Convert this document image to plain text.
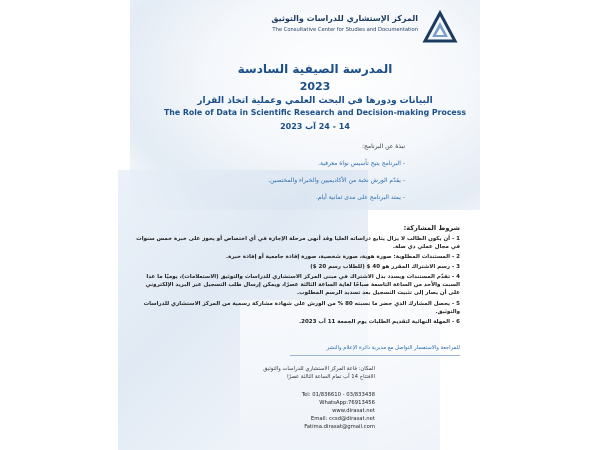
المركز الإستشاري للدراسات والتوثيق
The Consultative Center for Studies and Documentation
المدرسة الصيفية السادسة
2023
البيانات ودورها في البحث العلمي وعملية اتخاذ القرار
The Role of Data in Scientific Research and Decision-making Process
14 - 24 آب 2023
نبذة عن البرنامج:
- البرنامج يتيح تأسيس نواة معرفية.
- يقدّم الورش نخبة من الأكاديميين والخبراء والمختصين.
- يمتد البرنامج على مدى ثمانية أيام.
شروط المشاركة:
1 - أن يكون الطالب لا يزال يتابع دراساته العليا وقد أنهى مرحلة الإجازة في أي اختصاص أو يحوز على خبرة خمس سنوات في مجال عملي ذي صلة.
2 - المستندات المطلوبة: صورة هوية، صورة شخصية، صورة إفادة جامعية أو إفادة خبرة.
3 - رسم الاشتراك المقرر هو 40 $ (للطلاب رسم 20 $)
4 - تقدّم المستندات ويسدد بدل الاشتراك في مبنى المركز الاستشاري للدراسات والتوثيق (الاستعلامات)، يوميًا ما عدا السبت والأحد من الساعة التاسعة صباحًا لغاية الساعة الثالثة عصرًا، ويمكن إرسال طلب التسجيل عبر البريد الإلكتروني على أن يصار إلى تثبيت التسجيل بعد تسديد الرسم المطلوب.
5 - يحصل المشارك الذي حضر ما نسبته 80 % من الورش على شهادة مشاركة رسمية من المركز الاستشاري للدراسات والتوثيق.
6 - المهلة النهائية لتقديم الطلبات يوم الجمعة 11 آب 2023.
للمراجعة والاستفسار التواصل مع مديرية دائرة الإعلام والنشر
المكان: قاعة المركز الاستشاري للدراسات والتوثيق
الافتتاح 14 آب تمام الساعة الثالثة عصرًا
Tel: 01/836610 - 03/833438
WhatsApp:76913456
www.dirasat.net
Email: ccsd@dirasat.net
Fatima.dirasat@gmail.com
